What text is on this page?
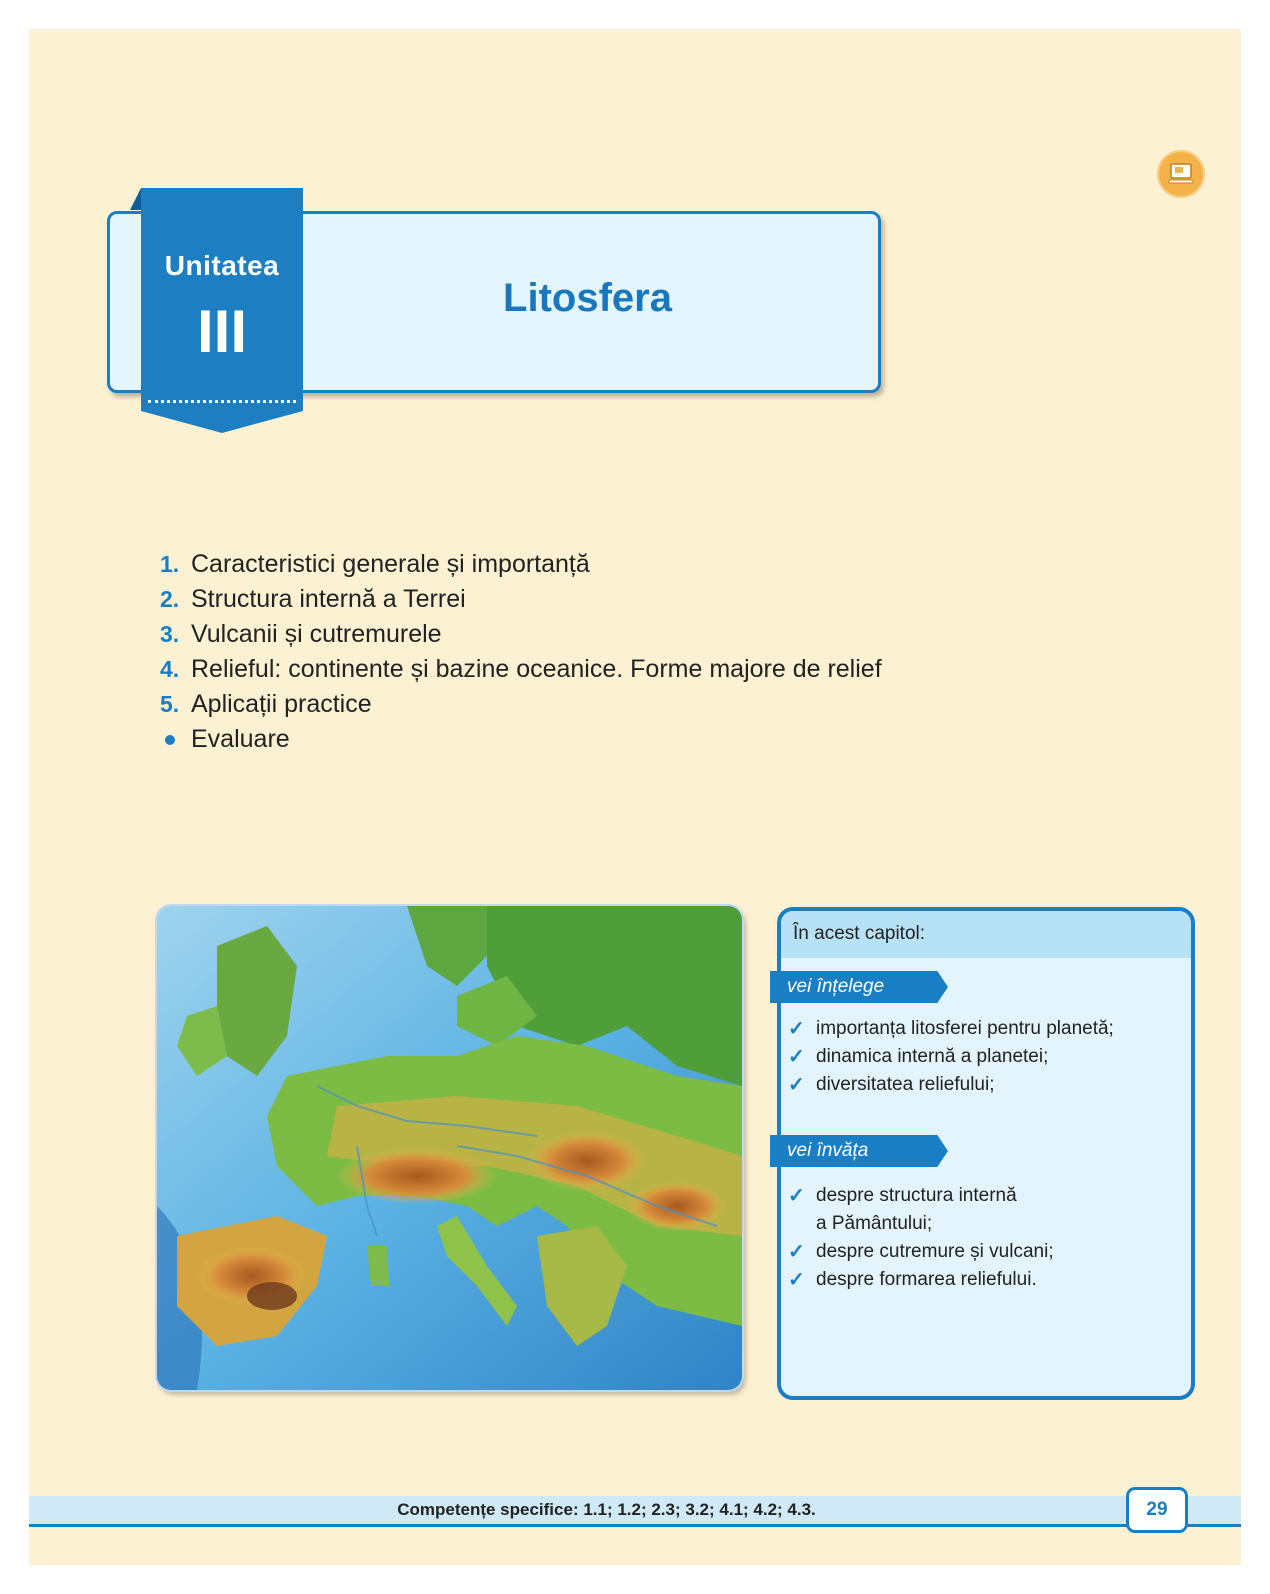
Unitatea
III	Litosfera
1. Caracteristici generale și importanță
2. Structura internă a Terrei
3. Vulcanii și cutremurele
4. Relieful: continente și bazine oceanice. Forme majore de relief
5. Aplicații practice
Evaluare
În acest capitol:
vei înțelege
✓ importanța litosferei pentru planetă;
✓ dinamica internă a planetei;
✓ diversitatea reliefului;
vei învăța
✓ despre structura internă
a Pământului;
✓ despre cutremure și vulcani;
✓ despre formarea reliefului.
Competențe specifice: 1.1; 1.2; 2.3; 3.2; 4.1; 4.2; 4.3.	29
